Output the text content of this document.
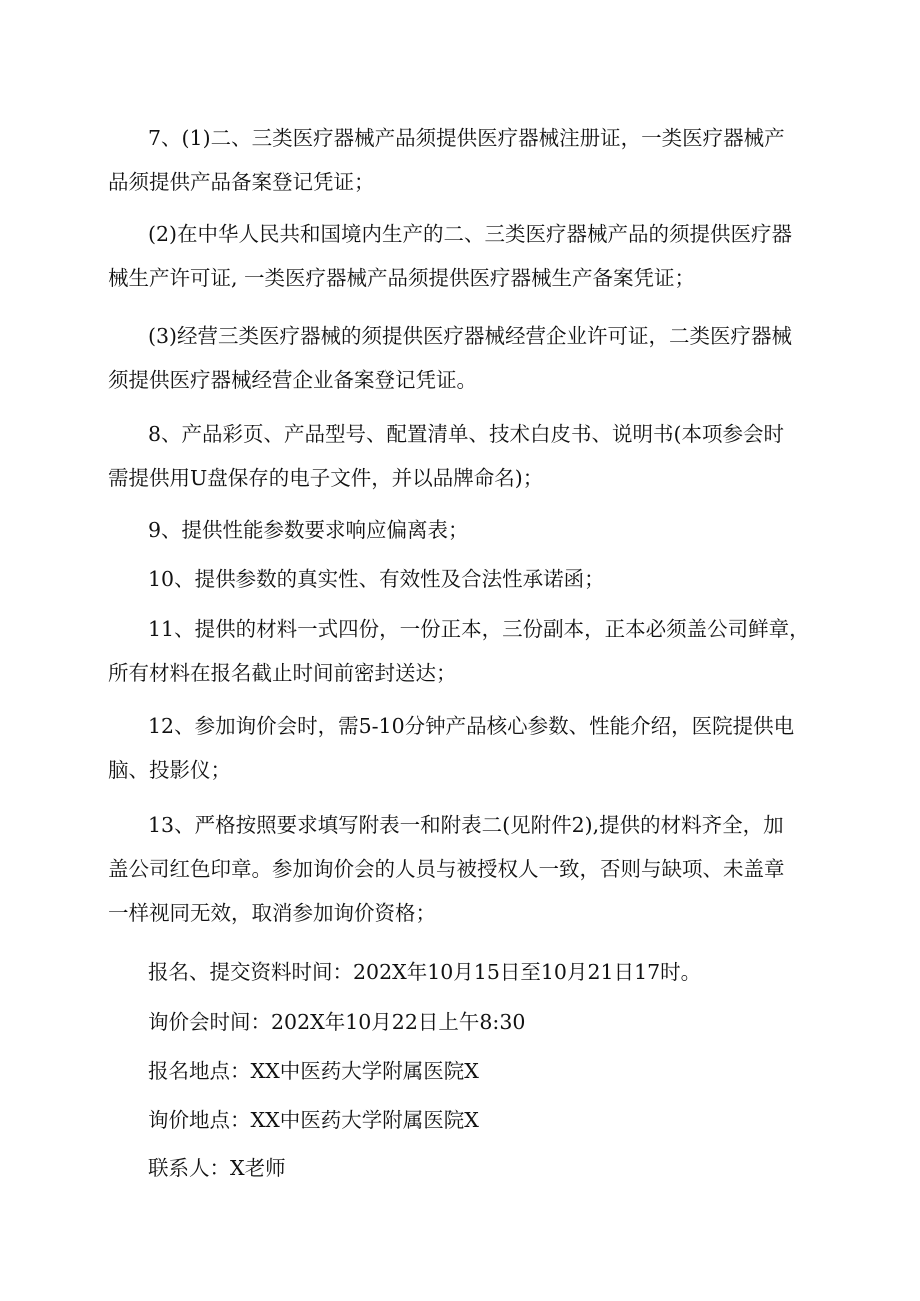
7、(1)二、三类医疗器械产品须提供医疗器械注册证，一类医疗器械产
品须提供产品备案登记凭证；
(2)在中华人民共和国境内生产的二、三类医疗器械产品的须提供医疗器
械生产许可证, 一类医疗器械产品须提供医疗器械生产备案凭证；
(3)经营三类医疗器械的须提供医疗器械经营企业许可证，二类医疗器械
须提供医疗器械经营企业备案登记凭证。
8、产品彩页、产品型号、配置清单、技术白皮书、说明书(本项参会时
需提供用U盘保存的电子文件，并以品牌命名)；
9、提供性能参数要求响应偏离表；
10、提供参数的真实性、有效性及合法性承诺函；
11、提供的材料一式四份，一份正本，三份副本，正本必须盖公司鲜章，
所有材料在报名截止时间前密封送达；
12、参加询价会时，需5-10分钟产品核心参数、性能介绍，医院提供电
脑、投影仪；
13、严格按照要求填写附表一和附表二(见附件2),提供的材料齐全，加
盖公司红色印章。参加询价会的人员与被授权人一致，否则与缺项、未盖章
一样视同无效，取消参加询价资格；
报名、提交资料时间：202X年10月15日至10月21日17时。
询价会时间：202X年10月22日上午8:30
报名地点：XX中医药大学附属医院X
询价地点：XX中医药大学附属医院X
联系人：X老师
